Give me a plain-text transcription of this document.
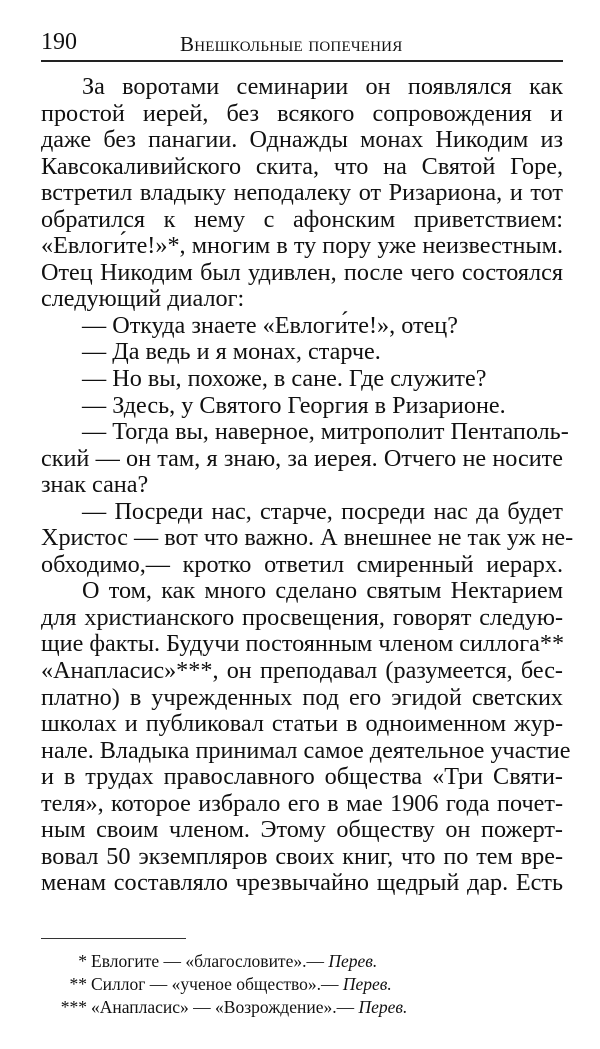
190	Внешкольные попечения
За воротами семинарии он появлялся как
простой иерей, без всякого сопровождения и
даже без панагии. Однажды монах Никодим из
Кавсокаливийского скита, что на Святой Горе,
встретил владыку неподалеку от Ризариона, и тот
обратился к нему с афонским приветствием:
«Евлоги́те!»*, многим в ту пору уже неизвестным.
Отец Никодим был удивлен, после чего состоялся
следующий диалог:
— Откуда знаете «Евлоги́те!», отец?
— Да ведь и я монах, старче.
— Но вы, похоже, в сане. Где служите?
— Здесь, у Святого Георгия в Ризарионе.
— Тогда вы, наверное, митрополит Пентаполь-
ский — он там, я знаю, за иерея. Отчего не носите
знак сана?
— Посреди нас, старче, посреди нас да будет
Христос — вот что важно. А внешнее не так уж не-
обходимо,— кротко ответил смиренный иерарх.
О том, как много сделано святым Нектарием
для христианского просвещения, говорят следую-
щие факты. Будучи постоянным членом силлога**
«Анапласис»***, он преподавал (разумеется, бес-
платно) в учрежденных под его эгидой светских
школах и публиковал статьи в одноименном жур-
нале. Владыка принимал самое деятельное участие
и в трудах православного общества «Три Святи-
теля», которое избрало его в мае 1906 года почет-
ным своим членом. Этому обществу он пожерт-
вовал 50 экземпляров своих книг, что по тем вре-
менам составляло чрезвычайно щедрый дар. Есть
* Евлогите — «благословите».— Перев.
** Силлог — «ученое общество».— Перев.
*** «Анапласис» — «Возрождение».— Перев.
